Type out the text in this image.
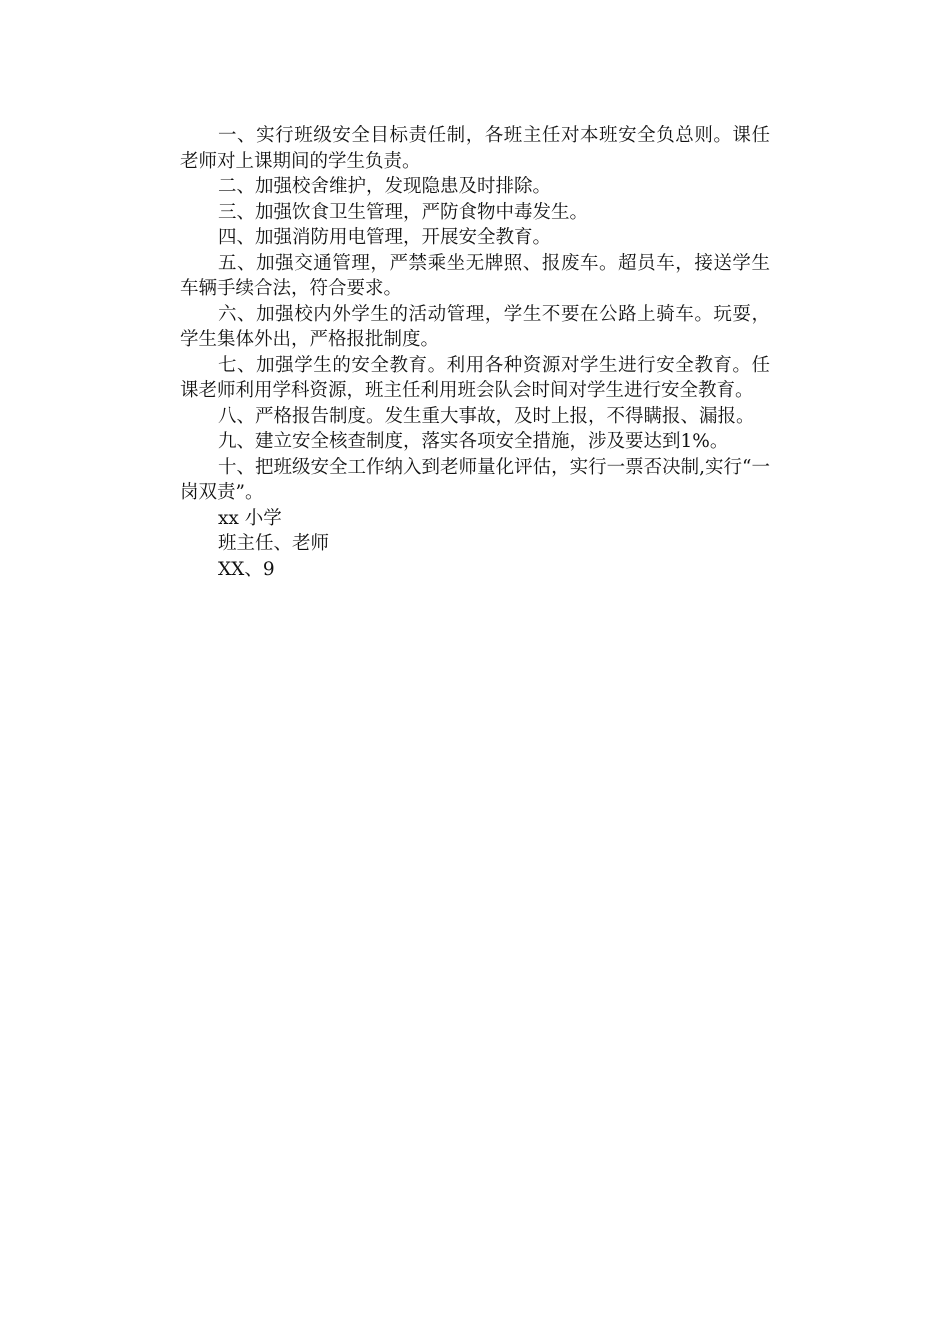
一、实行班级安全目标责任制，各班主任对本班安全负总则。课任老师对上课期间的学生负责。

二、加强校舍维护，发现隐患及时排除。

三、加强饮食卫生管理，严防食物中毒发生。

四、加强消防用电管理，开展安全教育。

五、加强交通管理，严禁乘坐无牌照、报废车。超员车，接送学生车辆手续合法，符合要求。

六、加强校内外学生的活动管理，学生不要在公路上骑车。玩耍，学生集体外出，严格报批制度。

七、加强学生的安全教育。利用各种资源对学生进行安全教育。任课老师利用学科资源，班主任利用班会队会时间对学生进行安全教育。

八、严格报告制度。发生重大事故，及时上报，不得瞒报、漏报。

九、建立安全核查制度，落实各项安全措施，涉及要达到1%。

十、把班级安全工作纳入到老师量化评估，实行一票否决制,实行“一岗双责”。

xx 小学

班主任、老师

XX、9
